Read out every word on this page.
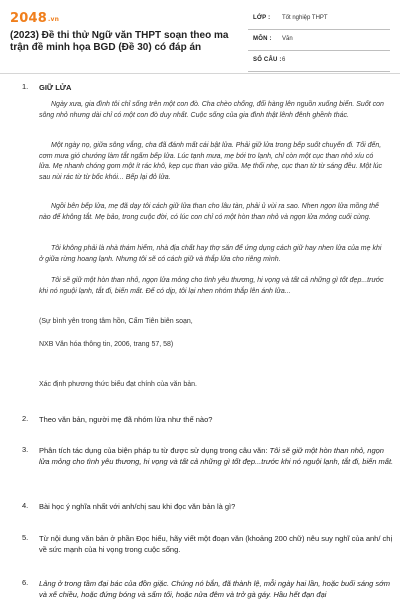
2048.vn
(2023) Đề thi thử Ngữ văn THPT soạn theo ma trận đề minh họa BGD (Đề 30) có đáp án
LỚP : Tốt nghiệp THPT
MÔN : Văn
SỐ CÂU : 6
1. GIỮ LỬA
Ngày xưa, gia đình tôi chỉ sống trên một con đò. Cha chèo chống, đổi hàng lên nguồn xuống biển. Suốt con sông nhỏ nhưng dài chỉ có một con đò duy nhất. Cuộc sống của gia đình thật lênh đênh ghềnh thác.
Một ngày nọ, giữa sông vắng, cha đã đánh mất cái bật lửa. Phải giữ lửa trong bếp suốt chuyến đi. Tối đến, cơm mưa gió chướng làm tắt ngấm bếp lửa. Lúc tạnh mưa, mẹ bới tro lạnh, chỉ còn một cục than nhỏ xíu có lửa. Mẹ nhanh chóng gom một ít rác khô, kẹp cục than vào giữa. Mẹ thổi nhẹ, cục than từ từ sáng đều. Một lúc sau nùi rác từ từ bốc khói... Bếp lại đỏ lửa.
Ngồi bên bếp lửa, mẹ đã dạy tôi cách giữ lửa than cho lâu tàn, phải ủ vùi ra sao. Nhen ngọn lửa mồng thế nào để không tắt. Mẹ bảo, trong cuộc đời, có lúc con chỉ có một hòn than nhỏ và ngọn lửa mỏng cuối cùng.
Tôi không phải là nhà thám hiểm, nhà địa chất hay thợ săn để ứng dụng cách giữ hay nhen lửa của mẹ khi ở giữa rừng hoang lạnh. Nhưng tôi sẽ có cách giữ và thắp lửa cho riêng mình.
Tôi sẽ giữ một hòn than nhỏ, ngọn lửa mỏng cho tình yêu thương, hi vọng và tất cả những gì tốt đẹp...trước khi nó nguội lạnh, tắt đi, biến mất. Để có dịp, tôi lại nhen nhóm thắp lên ánh lửa...
(Sự bình yên trong tâm hồn, Cẩm Tiên biên soạn,
NXB Văn hóa thông tin, 2006, trang 57, 58)
Xác định phương thức biểu đạt chính của văn bản.
2. Theo văn bản, người mẹ đã nhóm lửa như thế nào?
3. Phân tích tác dụng của biện pháp tu từ được sử dụng trong câu văn: Tôi sẽ giữ một hòn than nhỏ, ngọn lửa mỏng cho tình yêu thương, hi vọng và tất cả những gì tốt đẹp...trước khi nó nguội lạnh, tắt đi, biến mất.
4. Bài học ý nghĩa nhất với anh/chị sau khi đọc văn bản là gì?
5. Từ nội dung văn bản ở phần Đọc hiểu, hãy viết một đoạn văn (khoảng 200 chữ) nêu suy nghĩ của anh/ chị về sức mạnh của hi vọng trong cuộc sống.
6. Lảng ở trong tầm đại bác của đồn giặc. Chúng nó bắn, đã thành lệ, mỗi ngày hai lần, hoặc buổi sáng sớm và xế chiều, hoặc đứng bóng và sẩm tối, hoặc nửa đêm và trở gà gáy. Hầu hết đạn đại
